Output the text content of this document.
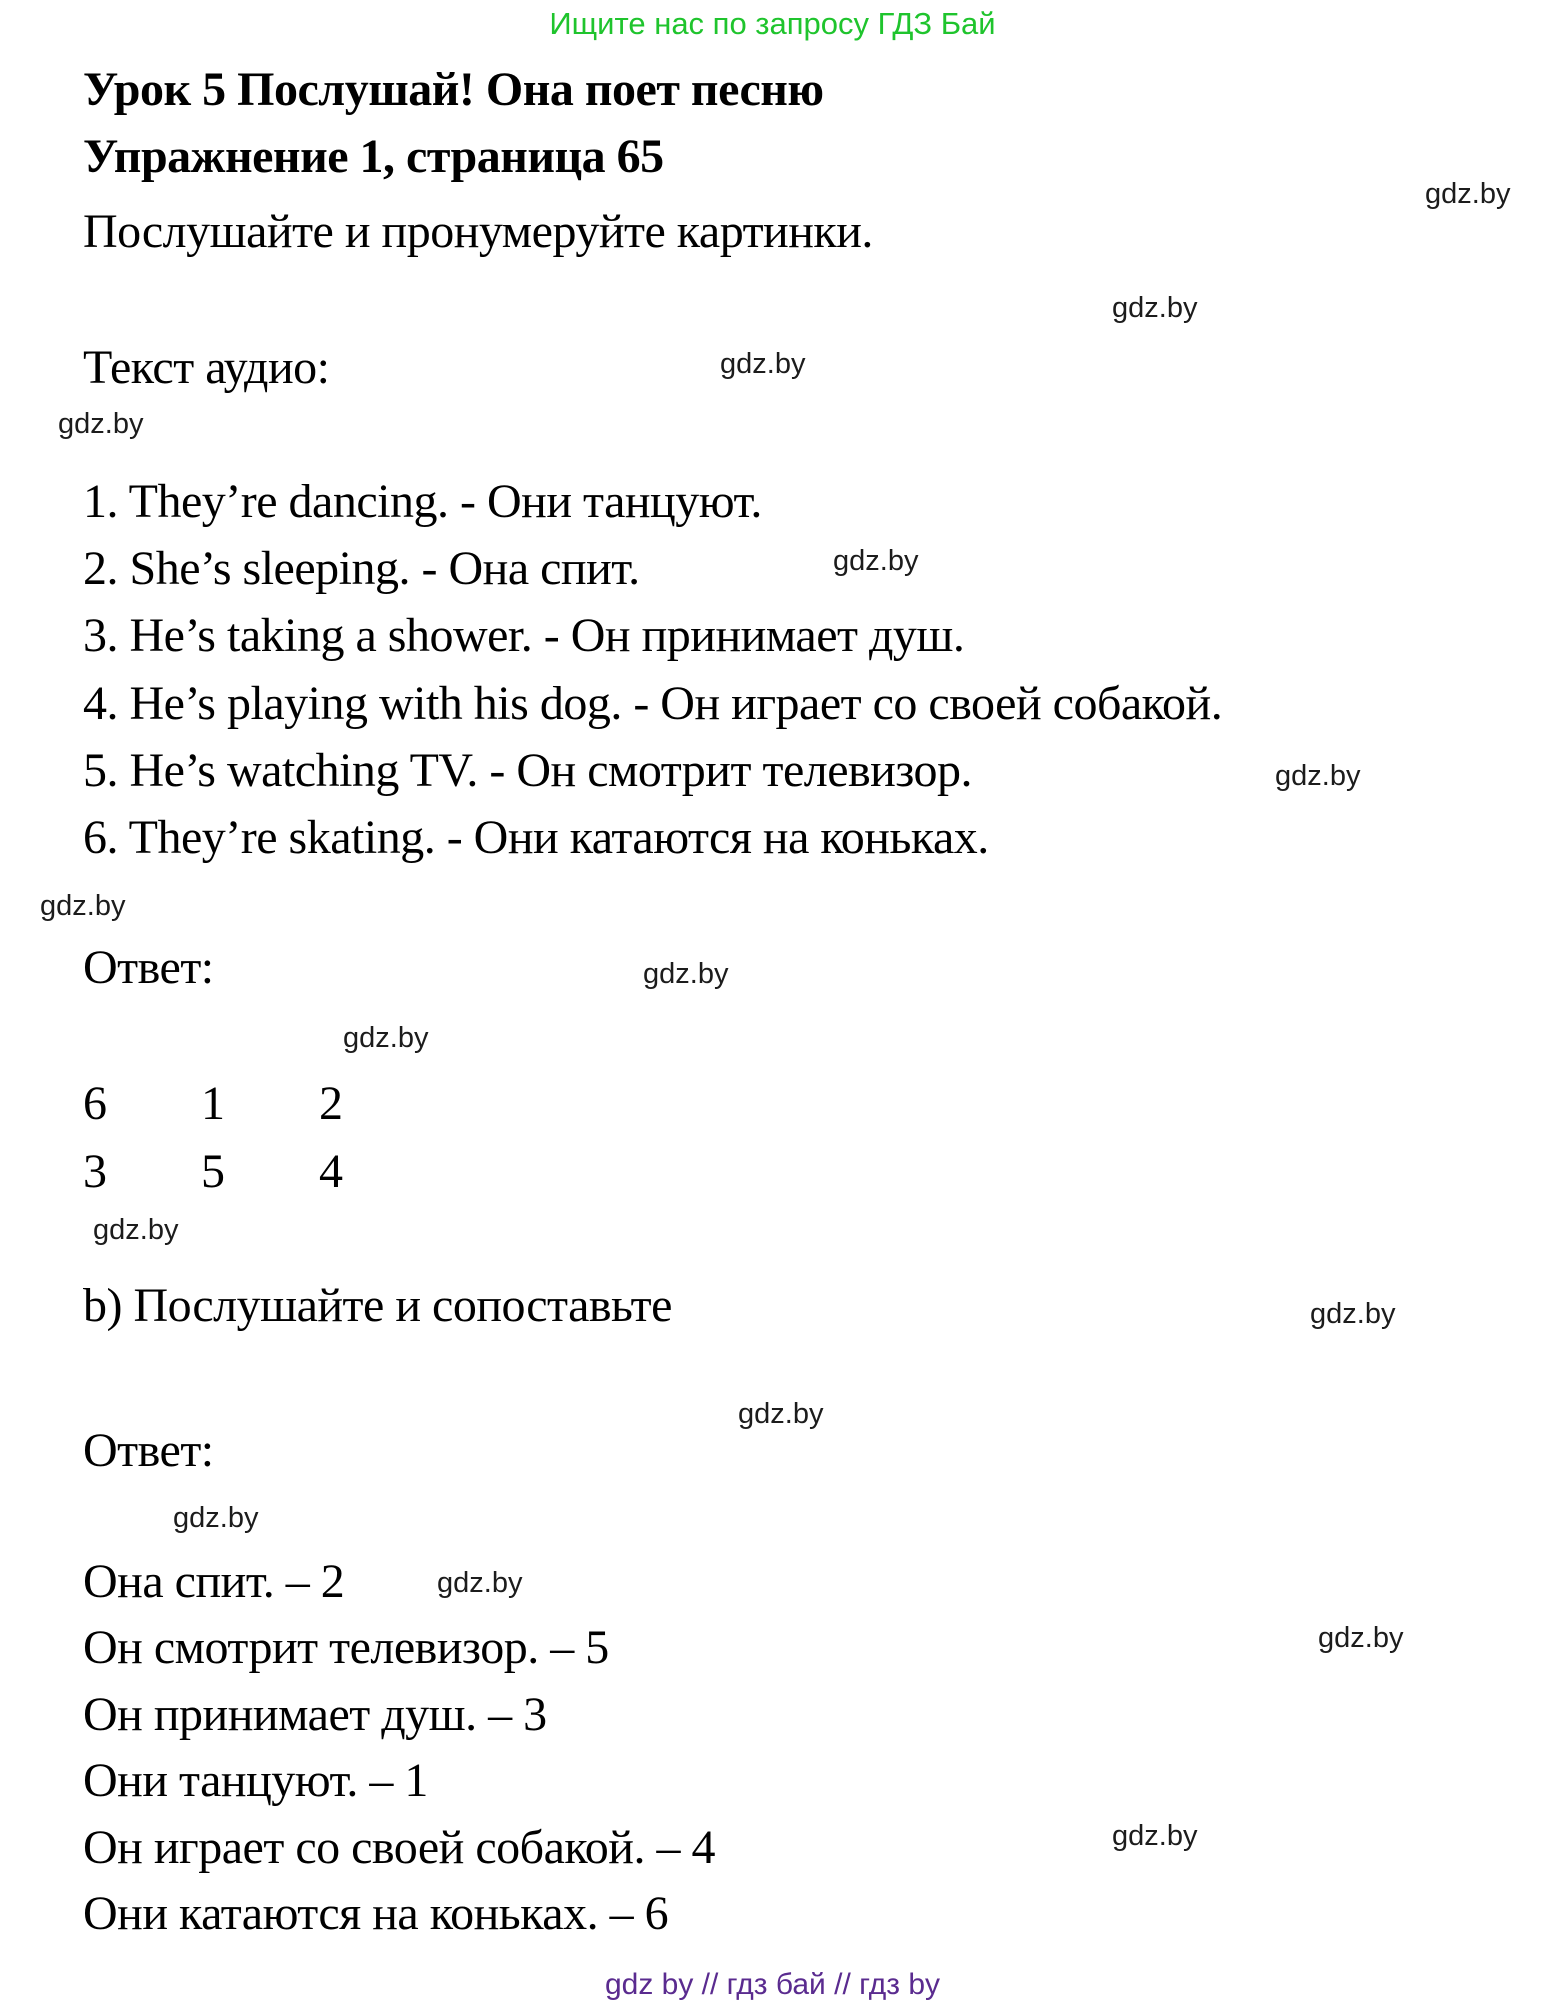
Ищите нас по запросу ГДЗ Бай
Урок 5 Послушай! Она поет песню
Упражнение 1, страница 65
Послушайте и пронумеруйте картинки.
gdz.by
gdz.by
gdz.by
gdz.by
Текст аудио:
1. They’re dancing. - Они танцуют.
2. She’s sleeping. - Она спит.
3. He’s taking a shower. - Он принимает душ.
4. He’s playing with his dog. - Он играет со своей собакой.
5. He’s watching TV. - Он смотрит телевизор.
6. They’re skating. - Они катаются на коньках.
gdz.by
gdz.by
gdz.by
Ответ:	gdz.by
gdz.by
6 1 2
3 5 4
gdz.by
b) Послушайте и сопоставьте	gdz.by
gdz.by
Ответ:
gdz.by
Она спит. – 2
Он смотрит телевизор. – 5
Он принимает душ. – 3
Они танцуют. – 1
Он играет со своей собакой. – 4
Они катаются на коньках. – 6
gdz.by
gdz.by
gdz.by
gdz by // гдз бай // гдз by
